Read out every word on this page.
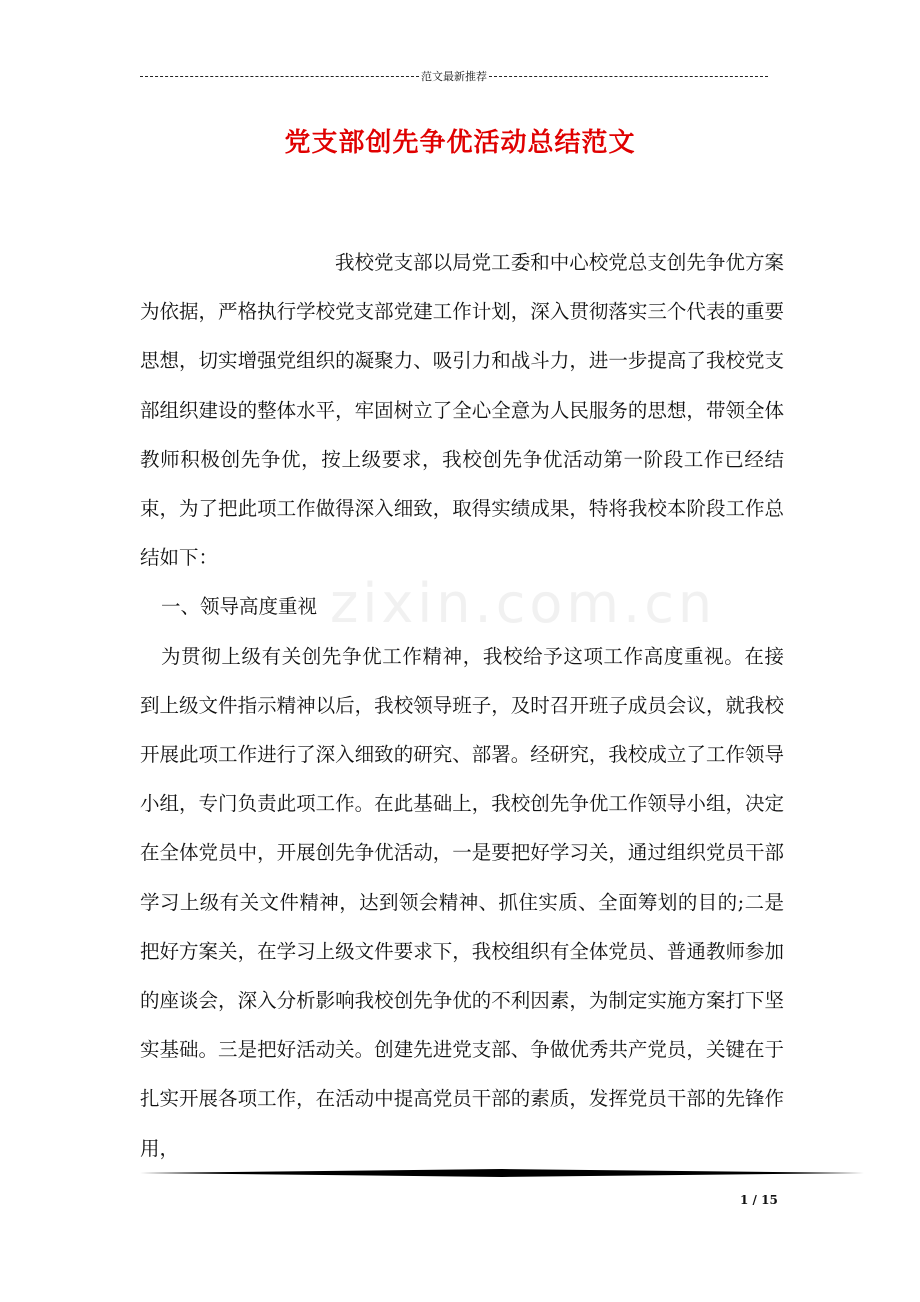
范文最新推荐
党支部创先争优活动总结范文
zixin.com.cn

我校党支部以局党工委和中心校党总支创先争优方案为依据，严格执行学校党支部党建工作计划，深入贯彻落实三个代表的重要思想，切实增强党组织的凝聚力、吸引力和战斗力，进一步提高了我校党支部组织建设的整体水平，牢固树立了全心全意为人民服务的思想，带领全体教师积极创先争优，按上级要求，我校创先争优活动第一阶段工作已经结束，为了把此项工作做得深入细致，取得实绩成果，特将我校本阶段工作总结如下：

一、领导高度重视

为贯彻上级有关创先争优工作精神，我校给予这项工作高度重视。在接到上级文件指示精神以后，我校领导班子，及时召开班子成员会议，就我校开展此项工作进行了深入细致的研究、部署。经研究，我校成立了工作领导小组，专门负责此项工作。在此基础上，我校创先争优工作领导小组，决定在全体党员中，开展创先争优活动，一是要把好学习关，通过组织党员干部学习上级有关文件精神，达到领会精神、抓住实质、全面筹划的目的;二是把好方案关，在学习上级文件要求下，我校组织有全体党员、普通教师参加的座谈会，深入分析影响我校创先争优的不利因素，为制定实施方案打下坚实基础。三是把好活动关。创建先进党支部、争做优秀共产党员，关键在于扎实开展各项工作，在活动中提高党员干部的素质，发挥党员干部的先锋作用，

1 / 15
